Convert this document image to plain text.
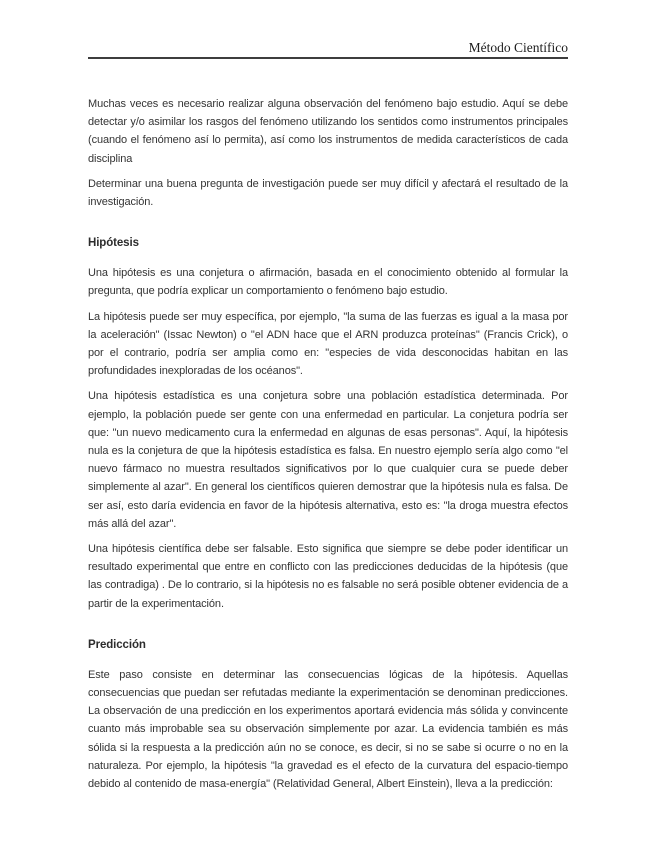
Método Científico

Muchas veces es necesario realizar alguna observación del fenómeno bajo estudio. Aquí se debe detectar y/o asimilar los rasgos del fenómeno utilizando los sentidos como instrumentos principales (cuando el fenómeno así lo permita), así como los instrumentos de medida característicos de cada disciplina

Determinar una buena pregunta de investigación puede ser muy difícil y afectará el resultado de la investigación.

Hipótesis

Una hipótesis es una conjetura o afirmación, basada en el conocimiento obtenido al formular la pregunta, que podría explicar un comportamiento o fenómeno bajo estudio.

La hipótesis puede ser muy específica, por ejemplo, "la suma de las fuerzas es igual a la masa por la aceleración" (Issac Newton) o "el ADN hace que el ARN produzca proteínas" (Francis Crick), o por el contrario, podría ser amplia como en: "especies de vida desconocidas habitan en las profundidades inexploradas de los océanos".

Una hipótesis estadística es una conjetura sobre una población estadística determinada. Por ejemplo, la población puede ser gente con una enfermedad en particular. La conjetura podría ser que: "un nuevo medicamento cura la enfermedad en algunas de esas personas". Aquí, la hipótesis nula es la conjetura de que la hipótesis estadística es falsa. En nuestro ejemplo sería algo como "el nuevo fármaco no muestra resultados significativos por lo que cualquier cura se puede deber simplemente al azar". En general los científicos quieren demostrar que la hipótesis nula es falsa. De ser así, esto daría evidencia en favor de la hipótesis alternativa, esto es: "la droga muestra efectos más allá del azar".

Una hipótesis científica debe ser falsable. Esto significa que siempre se debe poder identificar un resultado experimental que entre en conflicto con las predicciones deducidas de la hipótesis (que las contradiga) . De lo contrario, si la hipótesis no es falsable no será posible obtener evidencia de a partir de la experimentación.

Predicción

Este paso consiste en determinar las consecuencias lógicas de la hipótesis. Aquellas consecuencias que puedan ser refutadas mediante la experimentación se denominan predicciones. La observación de una predicción en los experimentos aportará evidencia más sólida y convincente cuanto más improbable sea su observación simplemente por azar. La evidencia también es más sólida si la respuesta a la predicción aún no se conoce, es decir, si no se sabe si ocurre o no en la naturaleza. Por ejemplo, la hipótesis "la gravedad es el efecto de la curvatura del espacio-tiempo debido al contenido de masa-energía" (Relatividad General, Albert Einstein), lleva a la predicción:
